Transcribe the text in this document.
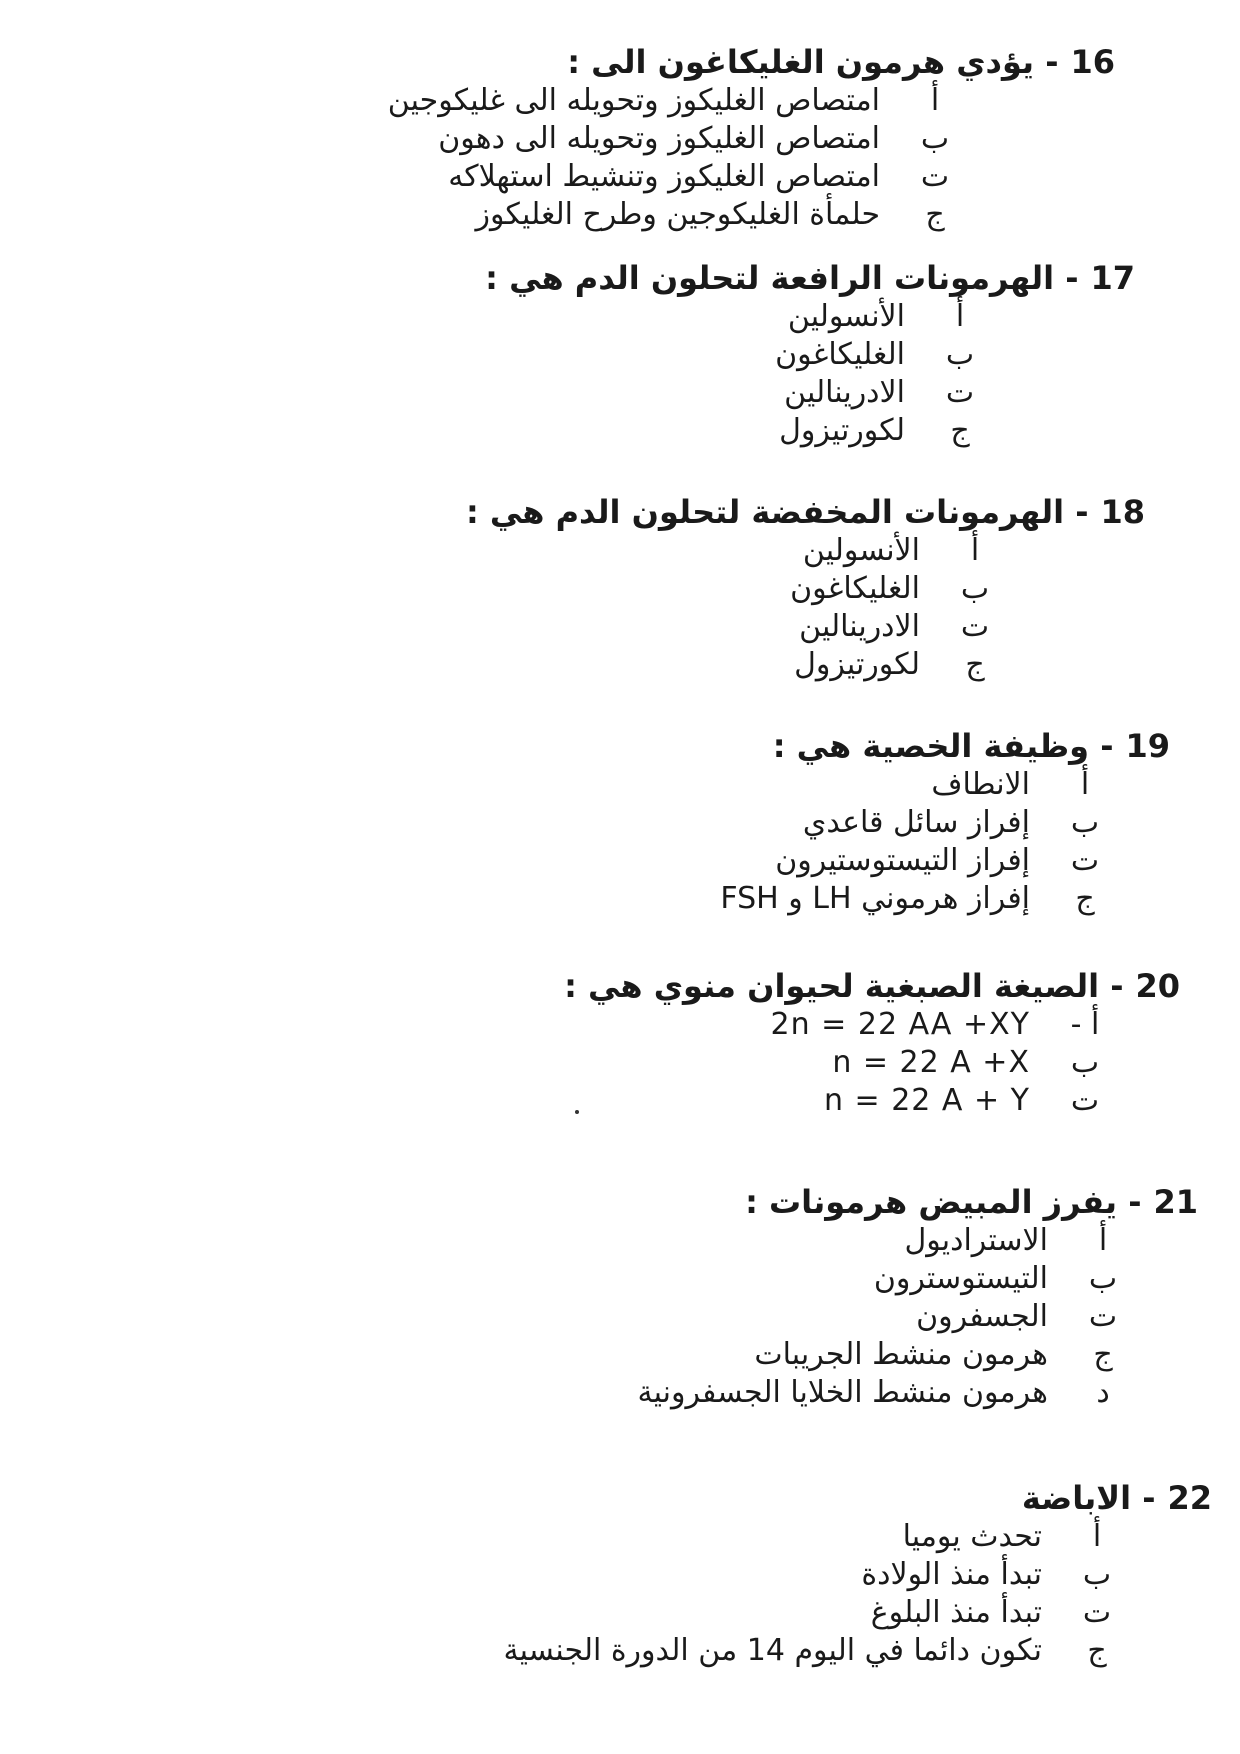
16
- يؤدي هرمون الغليكاغون الى :
أ
امتصاص الغليكوز وتحويله الى غليكوجين
ب
امتصاص الغليكوز وتحويله الى دهون
ت
امتصاص الغليكوز وتنشيط استهلاكه
ج
حلمأة الغليكوجين وطرح الغليكوز
17
- الهرمونات الرافعة لتحلون الدم هي :
أ
الأنسولين
ب
الغليكاغون
ت
الادرينالين
ج
لكورتيزول
18
- الهرمونات المخفضة لتحلون الدم هي :
أ
الأنسولين
ب
الغليكاغون
ت
الادرينالين
ج
لكورتيزول
19
- وظيفة الخصية هي :
أ
الانطاف
ب
إفراز سائل قاعدي
ت
إفراز التيستوستيرون
ج
إفراز هرموني LH و FSH
20
- الصيغة الصبغية لحيوان منوي هي :
أ -
2n = 22 AA +XY
ب
n = 22 A +X
ت
n = 22 A + Y
21
- يفرز المبيض هرمونات :
أ
الاستراديول
ب
التيستوسترون
ت
الجسفرون
ج
هرمون منشط الجريبات
د
هرمون منشط الخلايا الجسفرونية
22
- الاباضة
أ
تحدث يوميا
ب
تبدأ منذ الولادة
ت
تبدأ منذ البلوغ
ج
تكون دائما في اليوم 14 من الدورة الجنسية
